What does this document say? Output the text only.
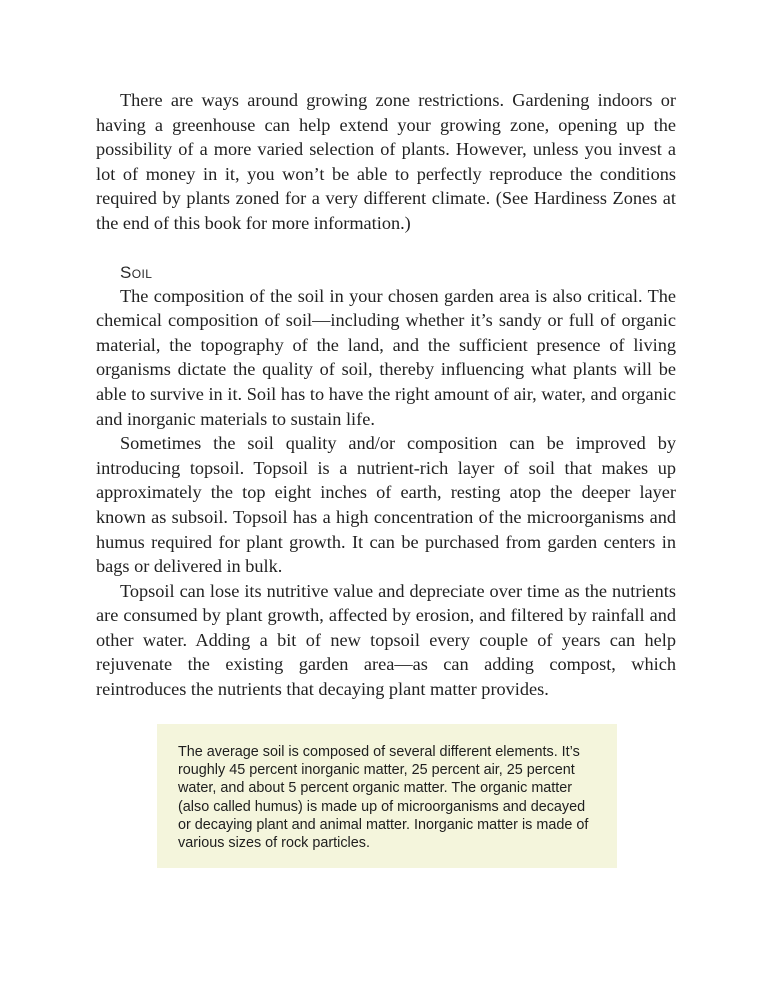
There are ways around growing zone restrictions. Gardening indoors or having a greenhouse can help extend your growing zone, opening up the possibility of a more varied selection of plants. However, unless you invest a lot of money in it, you won’t be able to perfectly reproduce the conditions required by plants zoned for a very different climate. (See Hardiness Zones at the end of this book for more information.)

Soil

The composition of the soil in your chosen garden area is also critical. The chemical composition of soil—including whether it’s sandy or full of organic material, the topography of the land, and the sufficient presence of living organisms dictate the quality of soil, thereby influencing what plants will be able to survive in it. Soil has to have the right amount of air, water, and organic and inorganic materials to sustain life.

Sometimes the soil quality and/or composition can be improved by introducing topsoil. Topsoil is a nutrient-rich layer of soil that makes up approximately the top eight inches of earth, resting atop the deeper layer known as subsoil. Topsoil has a high concentration of the microorganisms and humus required for plant growth. It can be purchased from garden centers in bags or delivered in bulk.

Topsoil can lose its nutritive value and depreciate over time as the nutrients are consumed by plant growth, affected by erosion, and filtered by rainfall and other water. Adding a bit of new topsoil every couple of years can help rejuvenate the existing garden area—as can adding compost, which reintroduces the nutrients that decaying plant matter provides.

The average soil is composed of several different elements. It’s roughly 45 percent inorganic matter, 25 percent air, 25 percent water, and about 5 percent organic matter. The organic matter (also called humus) is made up of microorganisms and decayed or decaying plant and animal matter. Inorganic matter is made of various sizes of rock particles.
